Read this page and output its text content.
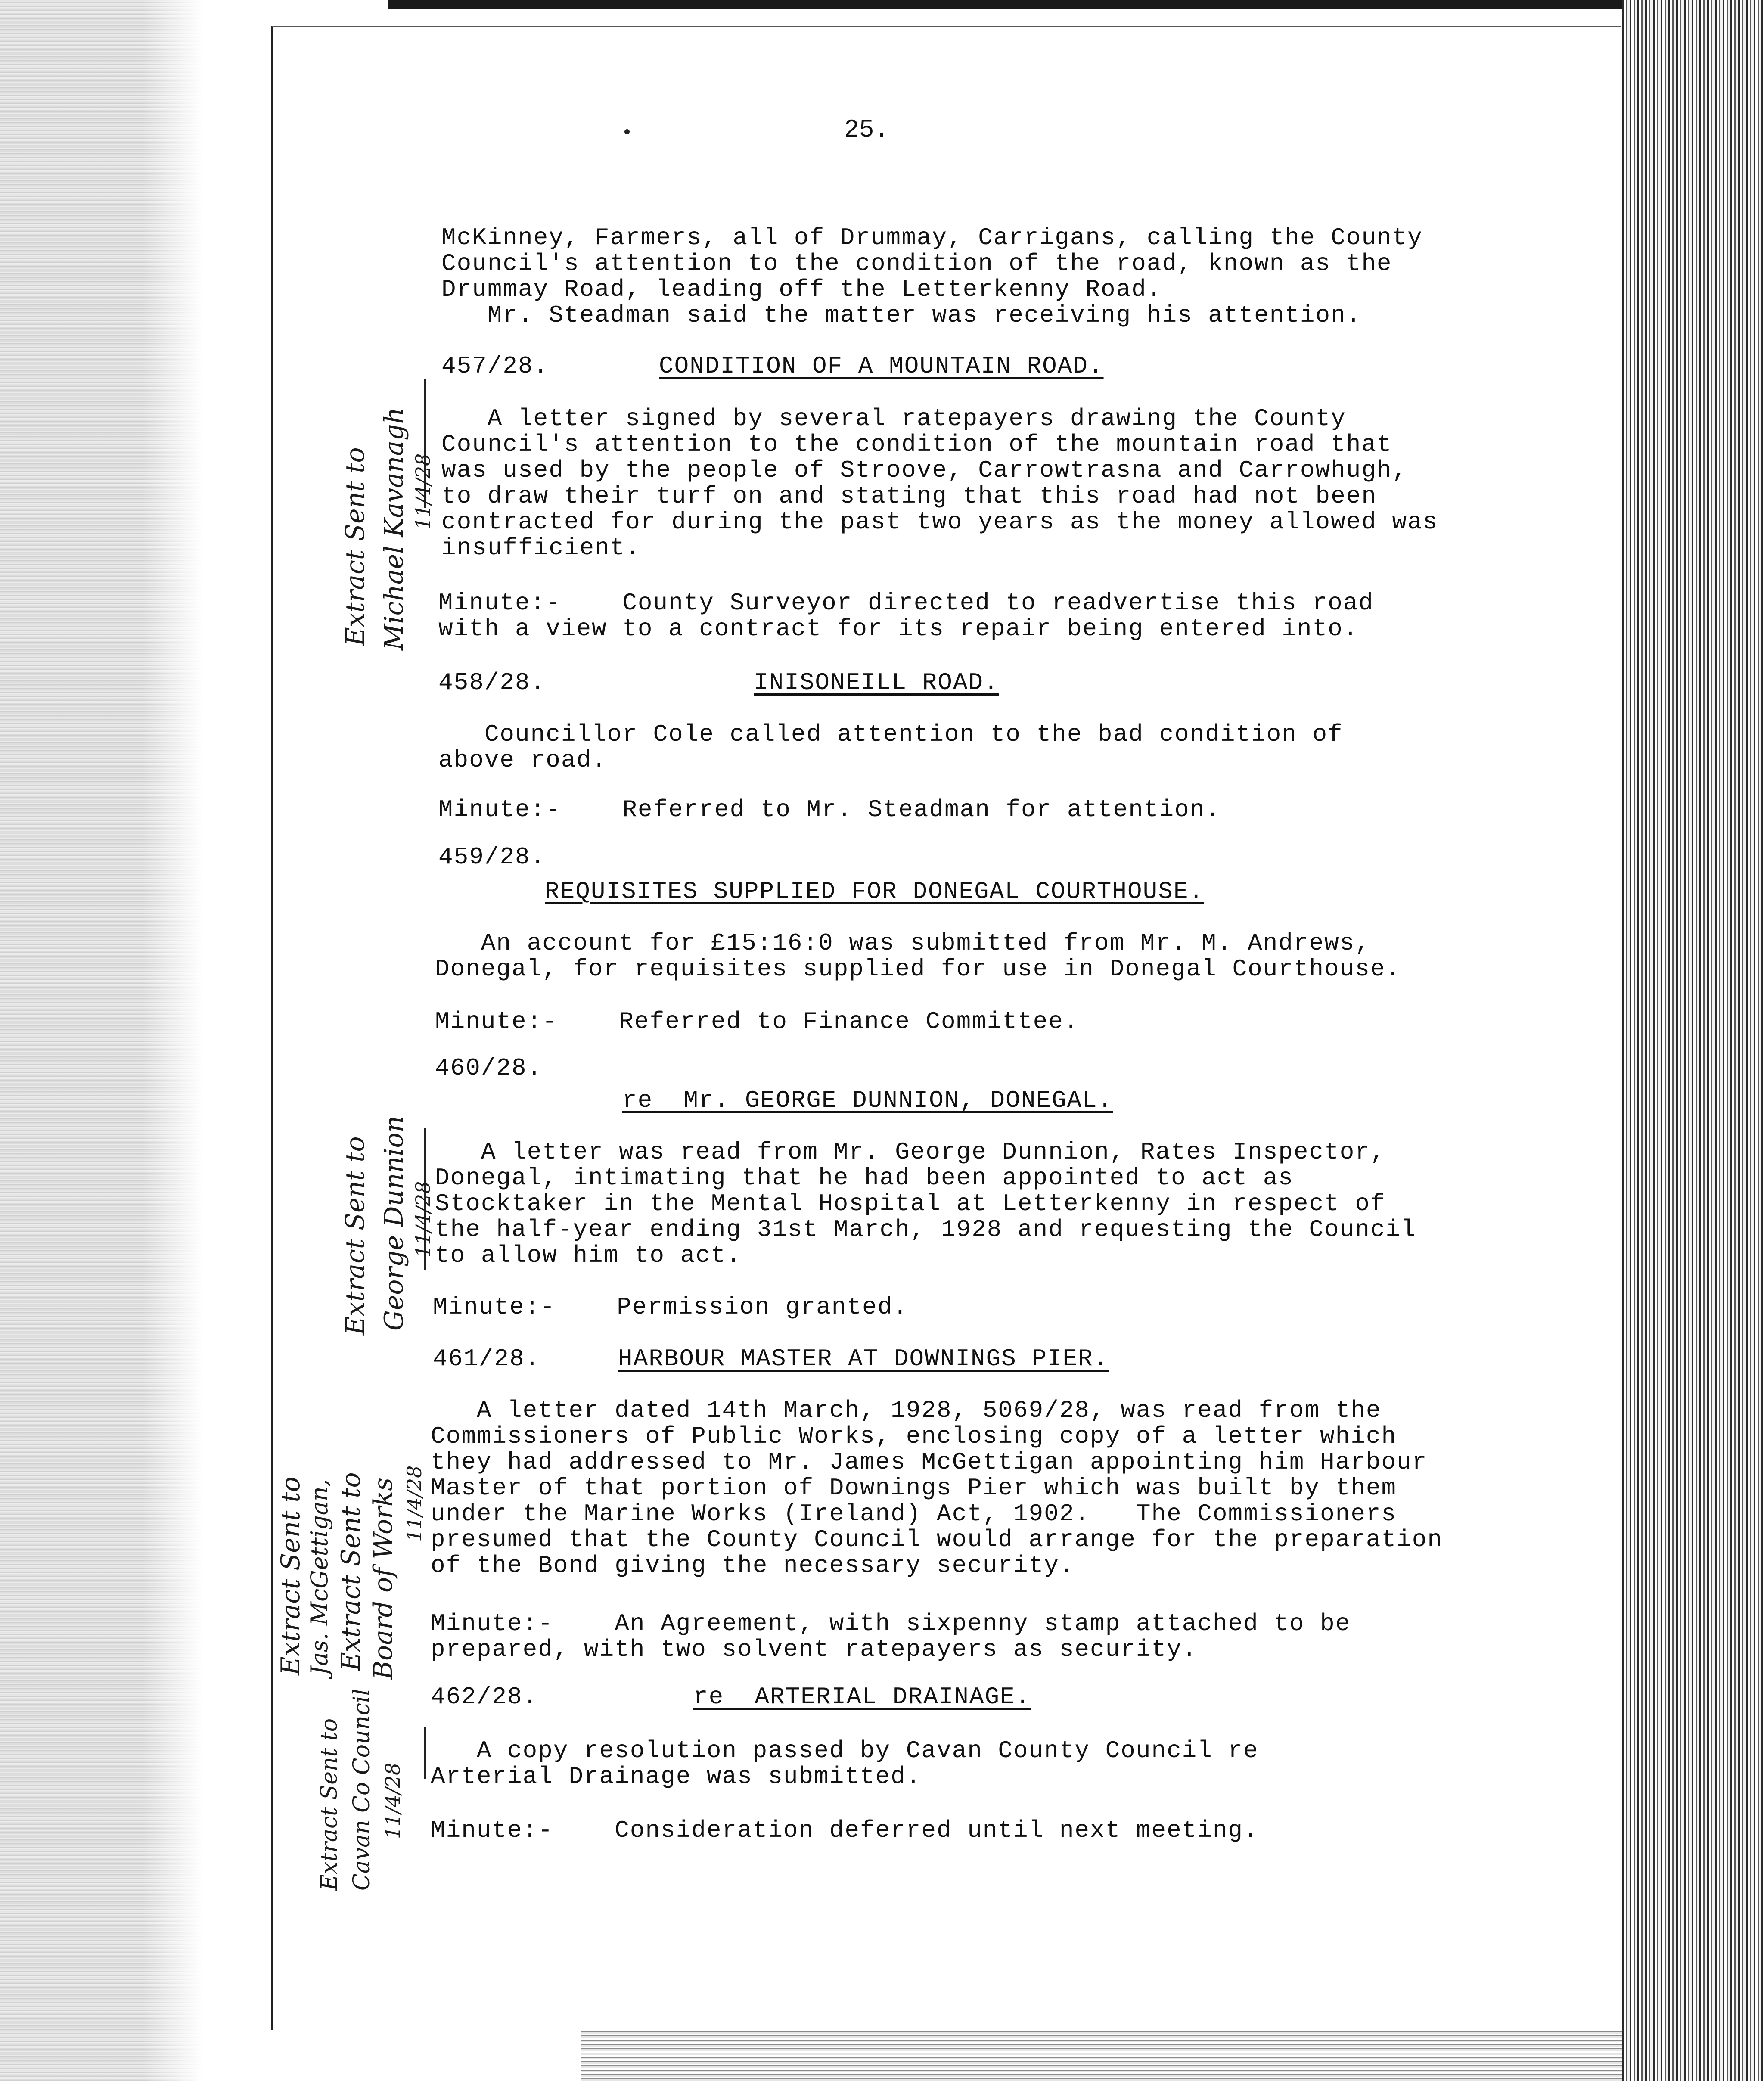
25.
McKinney, Farmers, all of Drummay, Carrigans, calling the County
Council's attention to the condition of the road, known as the
Drummay Road, leading off the Letterkenny Road.
Mr. Steadman said the matter was receiving his attention.
457/28.	CONDITION OF A MOUNTAIN ROAD.
A letter signed by several ratepayers drawing the County
Council's attention to the condition of the mountain road that
was used by the people of Stroove, Carrowtrasna and Carrowhugh,
to draw their turf on and stating that this road had not been
contracted for during the past two years as the money allowed was
insufficient.
Minute:-    County Surveyor directed to readvertise this road
with a view to a contract for its repair being entered into.
458/28.	INISONEILL ROAD.
Councillor Cole called attention to the bad condition of
above road.
Minute:-    Referred to Mr. Steadman for attention.
459/28.
REQUISITES SUPPLIED FOR DONEGAL COURTHOUSE.
An account for £15:16:0 was submitted from Mr. M. Andrews,
Donegal, for requisites supplied for use in Donegal Courthouse.
Minute:-    Referred to Finance Committee.
460/28.
re  Mr. GEORGE DUNNION, DONEGAL.
A letter was read from Mr. George Dunnion, Rates Inspector,
Donegal, intimating that he had been appointed to act as
Stocktaker in the Mental Hospital at Letterkenny in respect of
the half-year ending 31st March, 1928 and requesting the Council
to allow him to act.
Minute:-    Permission granted.
461/28.	HARBOUR MASTER AT DOWNINGS PIER.
A letter dated 14th March, 1928, 5069/28, was read from the
Commissioners of Public Works, enclosing copy of a letter which
they had addressed to Mr. James McGettigan appointing him Harbour
Master of that portion of Downings Pier which was built by them
under the Marine Works (Ireland) Act, 1902.   The Commissioners
presumed that the County Council would arrange for the preparation
of the Bond giving the necessary security.
Minute:-    An Agreement, with sixpenny stamp attached to be
prepared, with two solvent ratepayers as security.
462/28.	re  ARTERIAL DRAINAGE.
A copy resolution passed by Cavan County Council re
Arterial Drainage was submitted.
Minute:-    Consideration deferred until next meeting.
Extract Sent to Michael Kavanagh 11/4/28
Extract Sent to George Dunnion 11/4/28
Extract Sent to Jas. McGettigan, Extract Sent to Board of Works 11/4/28
Extract Sent to Cavan Co Council 11/4/28
